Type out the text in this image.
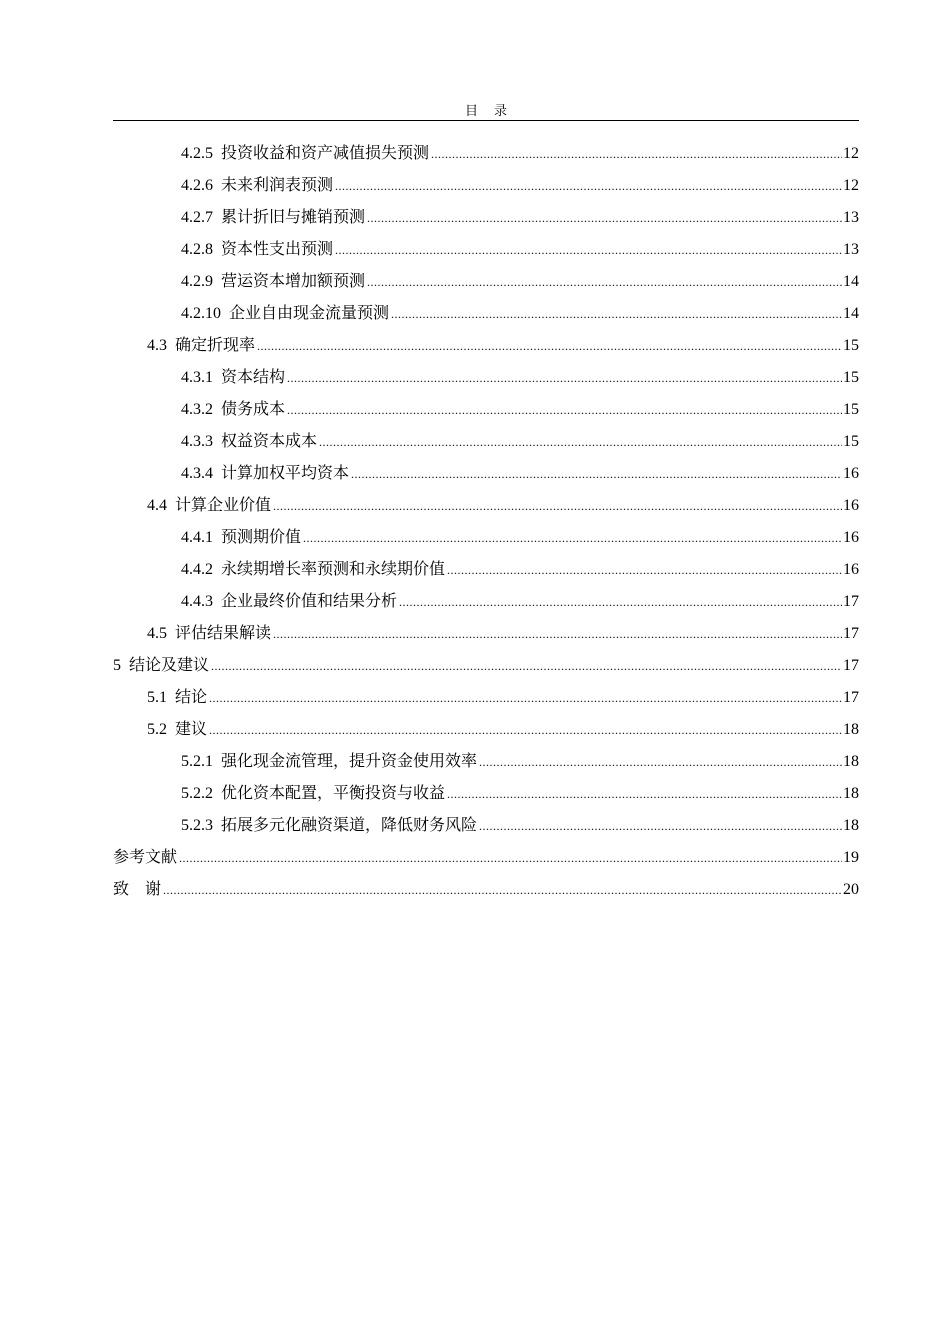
目 录
4.2.5 投资收益和资产减值损失预测 .....	12
4.2.6 未来利润表预测 .....	12
4.2.7 累计折旧与摊销预测 .....	13
4.2.8 资本性支出预测 .....	13
4.2.9 营运资本增加额预测 .....	14
4.2.10 企业自由现金流量预测 .....	14
4.3 确定折现率 .....	15
4.3.1 资本结构 .....	15
4.3.2 债务成本 .....	15
4.3.3 权益资本成本 .....	15
4.3.4 计算加权平均资本 .....	16
4.4 计算企业价值 .....	16
4.4.1 预测期价值 .....	16
4.4.2 永续期增长率预测和永续期价值 .....	16
4.4.3 企业最终价值和结果分析 .....	17
4.5 评估结果解读 .....	17
5 结论及建议 .....	17
5.1 结论 .....	17
5.2 建议 .....	18
5.2.1 强化现金流管理，提升资金使用效率 .....	18
5.2.2 优化资本配置，平衡投资与收益 .....	18
5.2.3 拓展多元化融资渠道，降低财务风险 .....	18
参考文献 .....	19
致　谢 .....	20
